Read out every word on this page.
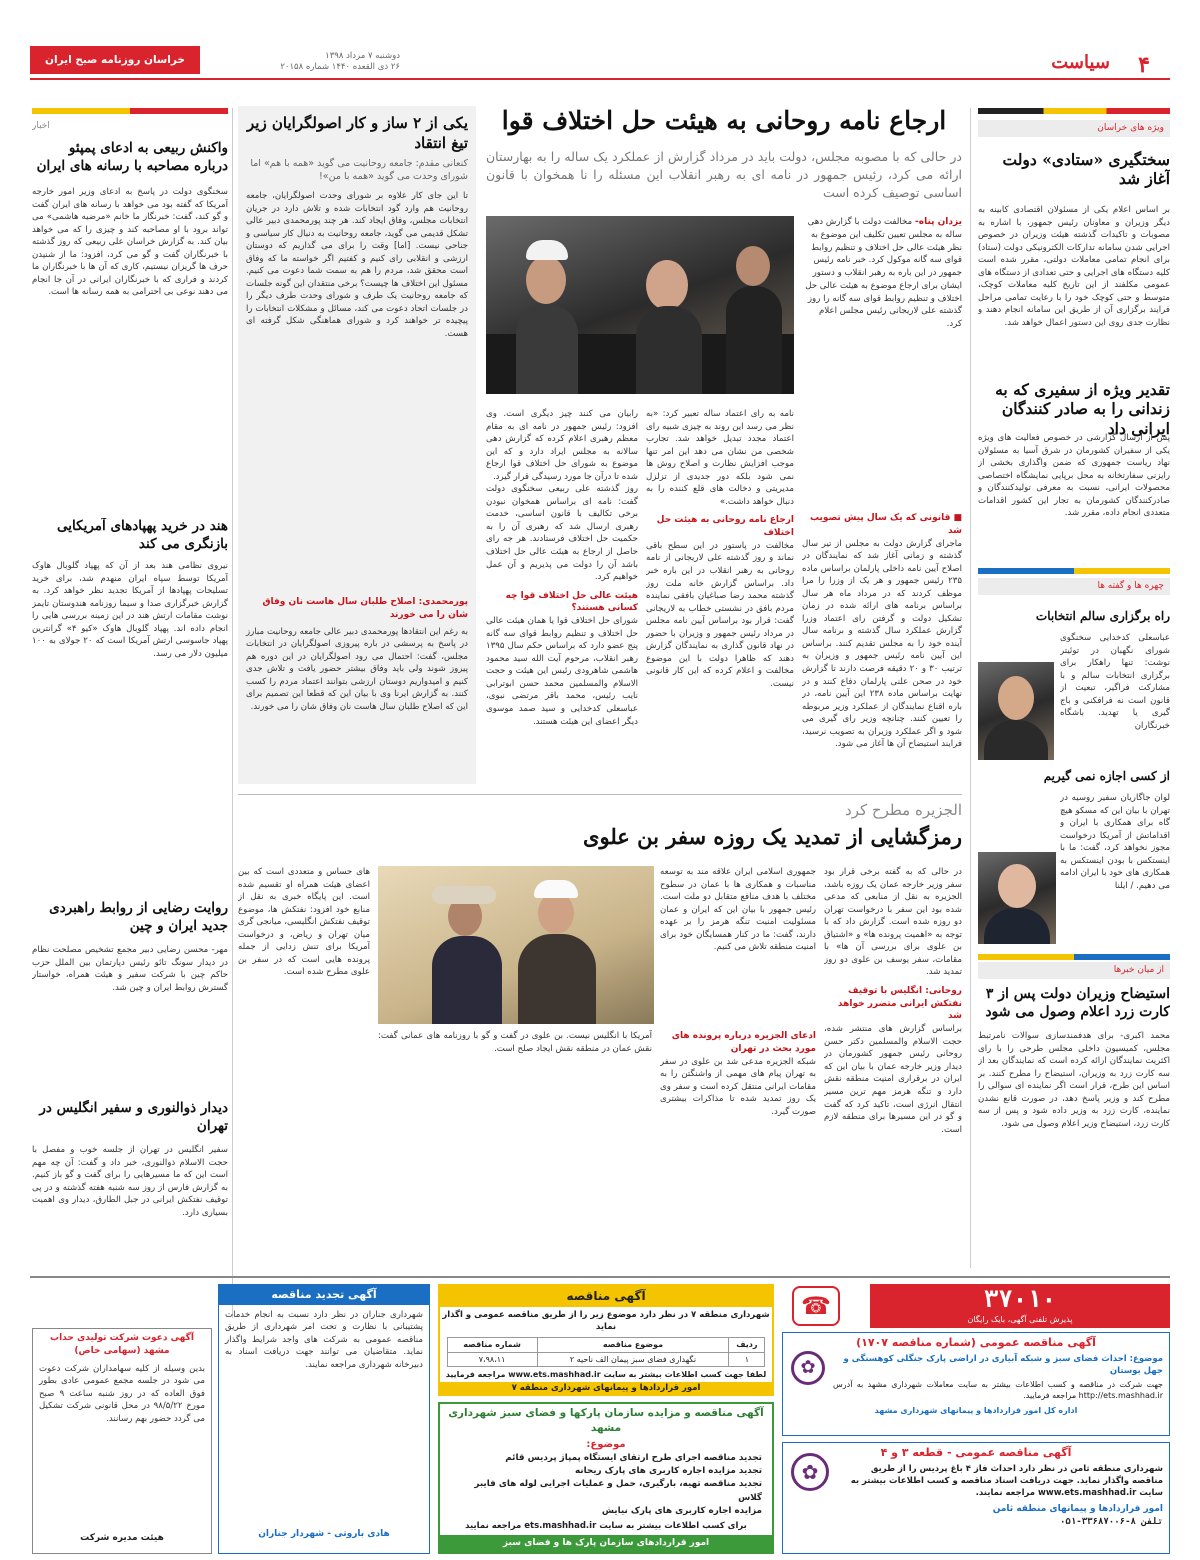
۴
سیاست
دوشنبه ۷ مرداد ۱۳۹۸
۲۶ ذی القعده ۱۴۴۰ شماره ۲۰۱۵۸
خراسان روزنامه صبح ایران
ویژه های خراسان
سختگیری «ستادی» دولت آغاز شد
بر اساس اعلام یکی از مسئولان اقتصادی کابینه به دیگر وزیران و معاونان رئیس جمهور، با اشاره به مصوبات و تاکیدات گذشته هیئت وزیران در خصوص اجرایی شدن سامانه تدارکات الکترونیکی دولت (ستاد) برای انجام تمامی معاملات دولتی، مقرر شده است کلیه دستگاه های اجرایی و حتی تعدادی از دستگاه های عمومی مکلفند از این تاریخ کلیه معاملات کوچک، متوسط و حتی کوچک خود را با رعایت تمامی مراحل فرایند برگزاری آن از طریق این سامانه انجام دهند و نظارت جدی روی این دستور اعمال خواهد شد.
تقدیر ویژه از سفیری که به زندانی را به صادر کنندگان ایرانی داد
پس از ارسال گزارشی در خصوص فعالیت های ویژه یکی از سفیران کشورمان در شرق آسیا به مسئولان نهاد ریاست جمهوری که ضمن واگذاری بخشی از رایزنی سفارتخانه به محل برپایی نمایشگاه اختصاصی محصولات ایرانی، نسبت به معرفی تولیدکنندگان و صادرکنندگان کشورمان به تجار این کشور اقدامات متعددی انجام داده، مقرر شد.
چهره ها و گفته ها
راه برگزاری سالم انتخابات
عباسعلی کدخدایی سخنگوی شورای نگهبان در توئیتر نوشت: تنها راهکار برای برگزاری انتخابات سالم و با مشارکت فراگیر، تبعیت از قانون است نه فرافکنی و باج گیری یا تهدید. باشگاه خبرنگاران
از کسی اجازه نمی گیریم
لوان جاگاریان سفیر روسیه در تهران با بیان این که مسکو هیچ گاه برای همکاری با ایران و اقداماتش از آمریکا درخواست مجوز نخواهد کرد، گفت: ما با اینستکس با بودن اینستکس به همکاری های خود با ایران ادامه می دهیم. / ایلنا
از میان خبرها
استیضاح وزیران دولت پس از ۳ کارت زرد اعلام وصول می شود
محمد اکبری- برای هدفمندسازی سوالات نامرتبط مجلس، کمیسیون داخلی مجلس طرحی را با رای اکثریت نمایندگان ارائه کرده است که نمایندگان بعد از سه کارت زرد به وزیران، استیضاح را مطرح کنند. بر اساس این طرح، قرار است اگر نماینده ای سوالی را مطرح کند و وزیر پاسخ دهد، در صورت قانع نشدن نماینده، کارت زرد به وزیر داده شود و پس از سه کارت زرد، استیضاح وزیر اعلام وصول می شود.
ارجاع نامه روحانی به هیئت حل اختلاف قوا
در حالی که با مصوبه مجلس، دولت باید در مرداد گزارش از عملکرد یک ساله را به بهارستان ارائه می کرد، رئیس جمهور در نامه ای به رهبر انقلاب این مسئله را نا همخوان با قانون اساسی توصیف کرده است
یزدان پناه- مخالفت دولت با گزارش دهی ساله به مجلس تعیین تکلیف این موضوع به نظر هیئت عالی حل اختلاف و تنظیم روابط قوای سه گانه موکول کرد. خبر نامه رئیس جمهور در این باره به رهبر انقلاب و دستور ایشان برای ارجاع موضوع به هیئت عالی حل اختلاف و تنظیم روابط قوای سه گانه را روز گذشته علی لاریجانی رئیس مجلس اعلام کرد.
■ قانونی که یک سال پیش تصویب شد
ماجرای گزارش دولت به مجلس از تیر سال گذشته و زمانی آغاز شد که نمایندگان در اصلاح آیین نامه داخلی پارلمان براساس ماده ۲۳۵ رئیس جمهور و هر یک از وزرا را مرا موظف کردند که در مرداد ماه هر سال براساس برنامه های ارائه شده در زمان تشکیل دولت و گرفتن رای اعتماد وزرا گزارش عملکرد سال گذشته و برنامه سال آینده خود را به مجلس تقدیم کنند. براساس این آیین نامه رئیس جمهور و وزیران به ترتیب ۳۰ و ۲۰ دقیقه فرصت دارند تا گزارش خود در صحن علنی پارلمان دفاع کنند و در نهایت براساس ماده ۲۳۸ این آیین نامه، در باره اقناع نمایندگان از عملکرد وزیر مربوطه را تعیین کنند. چنانچه وزیر رای گیری می شود و اگر عملکرد وزیران به تصویب نرسید، فرایند استیضاح آن ها آغاز می شود.
نامه به رای اعتماد ساله تعبیر کرد: «به نظر می رسد این روند به چیزی شبیه رای اعتماد مجدد تبدیل خواهد شد. تجارب شخصی من نشان می دهد این امر تنها موجب افزایش نظارت و اصلاح روش ها نمی شود بلکه دور جدیدی از تزلزل مدیریتی و دخالت های قلع کننده را به دنبال خواهد داشت.»
ارجاع نامه روحانی به هیئت حل اختلاف
مخالفت در پاستور در این سطح باقی نماند و روز گذشته علی لاریجانی از نامه روحانی به رهبر انقلاب در این باره خبر داد. براساس گزارش خانه ملت روز گذشته محمد رضا صباغیان بافقی نماینده مردم بافق در نشستی خطاب به لاریجانی گفت: قرار بود براساس آیین نامه مجلس در مرداد رئیس جمهور و وزیران با حضور در نهاد قانون گذاری به نمایندگان گزارش دهند که ظاهرا دولت با این موضوع مخالفت و اعلام کرده که این کار قانونی نیست.
رابیان می کنند چیز دیگری است. وی افزود: رئیس جمهور در نامه ای به مقام معظم رهبری اعلام کرده که گزارش دهی سالانه به مجلس ایراد دارد و که این موضوع به شورای حل اختلاف قوا ارجاع شده تا درآن جا مورد رسیدگی قرار گیرد.
روز گذشته علی ربیعی سخنگوی دولت گفت: نامه ای براساس همخوان نبودن برخی تکالیف با قانون اساسی، خدمت رهبری ارسال شد که رهبری آن را به حکمیت حل اختلاف فرستادند. هر جه رای حاصل از ارجاع به هیئت عالی حل اختلاف باشد آن را دولت می پذیریم و آن عمل خواهیم کرد.
هیئت عالی حل اختلاف قوا چه کسانی هستند؟
شورای حل اختلاف قوا یا همان هیئت عالی حل اختلاف و تنظیم روابط قوای سه گانه پنج عضو دارد که براساس حکم سال ۱۳۹۵ رهبر انقلاب، مرحوم آیت الله سید محمود هاشمی شاهرودی رئیس این هیئت و حجت الاسلام والمسلمین محمد حسن ابوترابی نایب رئیس، محمد باقر مرتضی نبوی، عباسعلی کدخدایی و سید صمد موسوی دیگر اعضای این هیئت هستند.
یکی از ۲ ساز و کار اصولگرایان زیر تیغ انتقاد
کنعانی مقدم: جامعه روحانیت می گوید «همه با هم» اما شورای وحدت می گوید «همه با من»!
تا این جای کار علاوه بر شورای وحدت اصولگرایان، جامعه روحانیت هم وارد گود انتخابات شده و تلاش دارد در جریان انتخابات مجلس، وفاق ایجاد کند. هر چند پورمحمدی دبیر عالی تشکل قدیمی می گوید، جامعه روحانیت به دنبال کار سیاسی و جناحی نیست. [اما] وقت را برای می گذاریم که دوستان ارزشی و انقلابی رای کنیم و کفتیم اگر خواسته ما که وفاق است محقق شد، مردم را هم به سمت شما دعوت می کنیم. مسئول این اختلاف ها چیست؟ برخی منتقدان این گونه جلسات که جامعه روحانیت یک طرف و شورای وحدت طرف دیگر را در جلسات اتحاد دعوت می کند، مسائل و مشکلات انتخابات را پیچیده تر خواهند کرد و شورای هماهنگی شکل گرفته ای هست.
پورمحمدی: اصلاح طلبان سال هاست نان وفاق شان را می خورند
به رغم این انتقادها پورمحمدی دبیر عالی جامعه روحانیت مبارز در پاسخ به پرسشی در باره پیروزی اصولگرایان در انتخابات مجلس، گفت: احتمال می رود اصولگرایان در این دوره هم پیروز شوند ولی باید وفاق بیشتر حضور یافت و تلاش جدی کنیم و امیدواریم دوستان ارزشی بتوانند اعتماد مردم را کسب کنند. به گزارش ایرنا وی با بیان این که قطعا این تصمیم برای این که اصلاح طلبان سال هاست نان وفاق شان را می خورند.
اخبار
واکنش ربیعی به ادعای پمپئو درباره مصاحبه با رسانه های ایران
سخنگوی دولت در پاسخ به ادعای وزیر امور خارجه آمریکا که گفته بود می خواهد با رسانه های ایران گفت و گو کند، گفت: خبرنگار ما خانم «مرضیه هاشمی» می تواند برود با او مصاحبه کند و چیزی را که می خواهد بیان کند. به گزارش خراسان علی ربیعی که روز گذشته با خبرنگاران گفت و گو می کرد، افزود: ما از شنیدن حرف ها گریزان نیستیم، کاری که آن ها با خبرنگاران ما کردند و فراری که با خبرنگاران ایرانی در آن جا انجام می دهند نوعی بی احترامی به همه رسانه ها است.
هند در خرید پهپادهای آمریکایی بازنگری می کند
نیروی نظامی هند بعد از آن که پهپاد گلوبال هاوک آمریکا توسط سپاه ایران منهدم شد، برای خرید تسلیحات پهپادها از آمریکا تجدید نظر خواهد کرد. به گزارش خبرگزاری صدا و سیما روزنامه هندوستان تایمز نوشت مقامات ارتش هند در این زمینه بررسی هایی را انجام داده اند. پهپاد گلوبال هاوک «کیو ۴» گرانترین پهپاد جاسوسی ارتش آمریکا است که ۲۰ جولای به ۱۰۰ میلیون دلار می رسد.
روایت رضایی از روابط راهبردی جدید ایران و چین
مهر- محسن رضایی دبیر مجمع تشخیص مصلحت نظام در دیدار سونگ تائو رئیس دپارتمان بین الملل حزب حاکم چین با شرکت سفیر و هیئت همراه، خواستار گسترش روابط ایران و چین شد.
دیدار ذوالنوری و سفیر انگلیس در تهران
سفیر انگلیس در تهران از جلسه خوب و مفصل با حجت الاسلام ذوالنوری، خبر داد و گفت: آن چه مهم است این که ما مسیرهایی را برای گفت و گو باز کنیم. به گزارش فارس از روز سه شنبه هفته گذشته و در پی توقیف نفتکش ایرانی در جبل الطارق، دیدار وی اهمیت بسیاری دارد.
الجزیره مطرح کرد
رمزگشایی از تمدید یک روزه سفر بن علوی
در حالی که به گفته برخی قرار بود سفر وزیر خارجه عمان یک روزه باشد، الجزیره به نقل از منابعی که مدعی شده بود این سفر با درخواست تهران دو روزه شده است. گزارش داد که با توجه به «اهمیت پرونده ها» و «اشتیاق بن علوی برای بررسی آن ها» با مقامات، سفر یوسف بن علوی دو روز تمدید شد.
روحانی: انگلیس با توقیف نفتکش ایرانی متضرر خواهد شد
براساس گزارش های منتشر شده، حجت الاسلام والمسلمین دکتر حسن روحانی رئیس جمهور کشورمان در دیدار وزیر خارجه عمان با بیان این که ایران در برقراری امنیت منطقه نقش دارد و تنگه هرمز مهم ترین مسیر انتقال انرژی است، تاکید کرد که گفت و گو در این مسیرها برای منطقه لازم است.
جمهوری اسلامی ایران علاقه مند به توسعه مناسبات و همکاری ها با عمان در سطوح مختلف با هدف منافع متقابل دو ملت است. رئیس جمهور با بیان این که ایران و عمان مسئولیت امنیت تنگه هرمز را بر عهده دارند، گفت: ما در کنار همسایگان خود برای امنیت منطقه تلاش می کنیم.
ادعای الجزیره درباره پرونده های مورد بحث در تهران
شبکه الجزیره مدعی شد بن علوی در سفر به تهران پیام های مهمی از واشنگتن را به مقامات ایرانی منتقل کرده است و سفر وی یک روز تمدید شده تا مذاکرات بیشتری صورت گیرد.
آمریکا با انگلیس نیست. بن علوی در گفت و گو با روزنامه های عمانی گفت: نقش عمان در منطقه نقش ایجاد صلح است.
های حساس و متعددی است که بین اعضای هیئت همراه او تقسیم شده است. این پایگاه خبری به نقل از منابع خود افزود: نفتکش ها، موضوع توقیف نفتکش انگلیسی، میانجی گری میان تهران و ریاض، و درخواست آمریکا برای تنش زدایی از جمله پرونده هایی است که در سفر بن علوی مطرح شده است.
۳۷۰۱۰
پذیرش تلفنی آگهی، بایک رایگان
☎
آگهی مناقصه عمومی (شماره مناقصه ۱۷۰۷)
موضوع: احداث فضای سبز و شبکه آبیاری در اراضی پارک جنگلی کوهسنگی و جهل بوستان
جهت شرکت در مناقصه و کسب اطلاعات بیشتر به سایت معاملات شهرداری مشهد به آدرس http://ets.mashhad.ir مراجعه فرمایید.
اداره کل امور قراردادها و پیمانهای شهرداری مشهد
✿
آگهی مناقصه عمومی - قطعه ۳ و ۴
شهرداری منطقه ثامن در نظر دارد احداث فاز ۴ باغ پردیس را از طریق مناقصه واگذار نماید. جهت دریافت اسناد مناقصه و کسب اطلاعات بیشتر به سایت www.ets.mashhad.ir مراجعه نمایند.
امور قراردادها و پیمانهای منطقه ثامن
تلفن ۸-۳۳۶۸۷۰۰۶-۰۵۱
✿
آگهی مناقصه
شهرداری منطقه ۷ در نظر دارد موضوع زیر را از طریق مناقصه عمومی و اگذار نماید
ردیف	موضوع مناقصه	شماره مناقصه
۱	نگهداری فضای سبز پیمان الف ناحیه ۲	۷،۹۸،۱۱
لطفا جهت کسب اطلاعات بیشتر به سایت www.ets.mashhad.ir مراجعه فرمایید
امور قراردادها و پیمانهای شهرداری منطقه ۷
آگهی مناقصه و مزایده سازمان پارکها و فضای سبز شهرداری مشهد
موضوع:
تجدید مناقصه اجرای طرح ارتقای ایستگاه پمپاژ پردیس قائم
تجدید مزایده اجاره کاربری های پارک ریحانه
تجدید مناقصه تهیه، بارگیری، حمل و عملیات اجرایی لوله های فایبر گلاس
مزایده اجاره کاربری های پارک نیایش
برای کسب اطلاعات بیشتر به سایت ets.mashhad.ir مراجعه نمایید
امور قراردادهای سازمان پارک ها و فضای سبز
آگهی تجدید مناقصه
شهرداری جناران در نظر دارد نسبت به انجام خدمات پشتیبانی با نظارت و تحت امر شهرداری از طریق مناقصه عمومی به شرکت های واجد شرایط واگذار نماید. متقاضیان می توانند جهت دریافت اسناد به دبیرخانه شهرداری مراجعه نمایند.
هادی باروتی - شهردار جناران
آگهی دعوت شرکت تولیدی حداب مشهد (سهامی خاص)
بدین وسیله از کلیه سهامداران شرکت دعوت می شود در جلسه مجمع عمومی عادی بطور فوق العاده که در روز شنبه ساعت ۹ صبح مورخ ۹۸/۵/۲۲ در محل قانونی شرکت تشکیل می گردد حضور بهم رسانند.
هیئت مدیره شرکت
